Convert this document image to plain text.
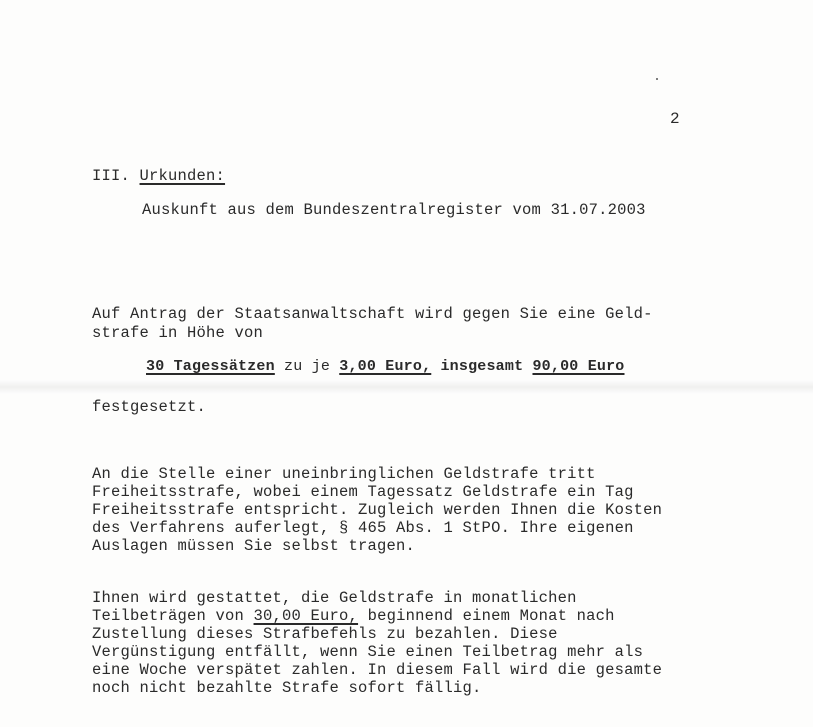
2
III. Urkunden:
Auskunft aus dem Bundeszentralregister vom 31.07.2003
Auf Antrag der Staatsanwaltschaft wird gegen Sie eine Geld-
strafe in Höhe von
30 Tagessätzen zu je 3,00 Euro, insgesamt 90,00 Euro
festgesetzt.
An die Stelle einer uneinbringlichen Geldstrafe tritt
Freiheitsstrafe, wobei einem Tagessatz Geldstrafe ein Tag
Freiheitsstrafe entspricht. Zugleich werden Ihnen die Kosten
des Verfahrens auferlegt, § 465 Abs. 1 StPO. Ihre eigenen
Auslagen müssen Sie selbst tragen.
Ihnen wird gestattet, die Geldstrafe in monatlichen
Teilbeträgen von 30,00 Euro, beginnend einem Monat nach
Zustellung dieses Strafbefehls zu bezahlen. Diese
Vergünstigung entfällt, wenn Sie einen Teilbetrag mehr als
eine Woche verspätet zahlen. In diesem Fall wird die gesamte
noch nicht bezahlte Strafe sofort fällig.
